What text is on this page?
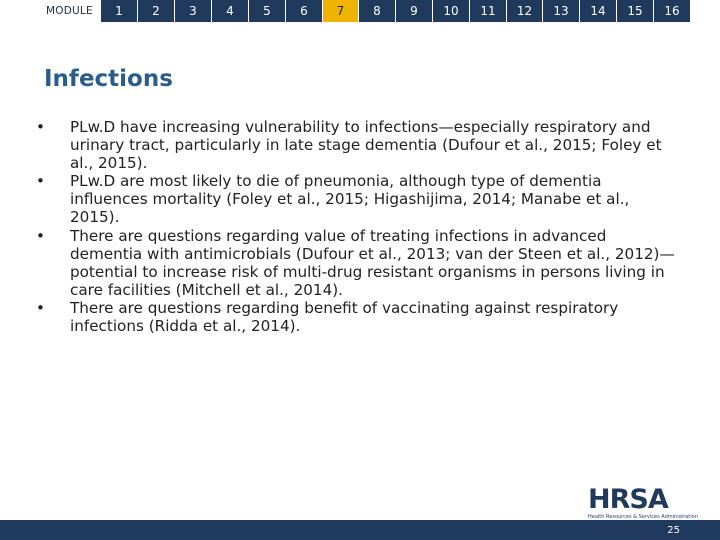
MODULE	1	2	3	4	5	6	7	8	9	10	11	12	13	14	15	16
Infections
•	PLw.D have increasing vulnerability to infections—especially respiratory and urinary tract, particularly in late stage dementia (Dufour et al., 2015; Foley et al., 2015).
•	PLw.D are most likely to die of pneumonia, although type of dementia influences mortality (Foley et al., 2015; Higashijima, 2014; Manabe et al., 2015).
•	There are questions regarding value of treating infections in advanced dementia with antimicrobials (Dufour et al., 2013; van der Steen et al., 2012)—potential to increase risk of multi-drug resistant organisms in persons living in care facilities (Mitchell et al., 2014).
•	There are questions regarding benefit of vaccinating against respiratory infections (Ridda et al., 2014).
HRSA
Health Resources & Services Administration
25
